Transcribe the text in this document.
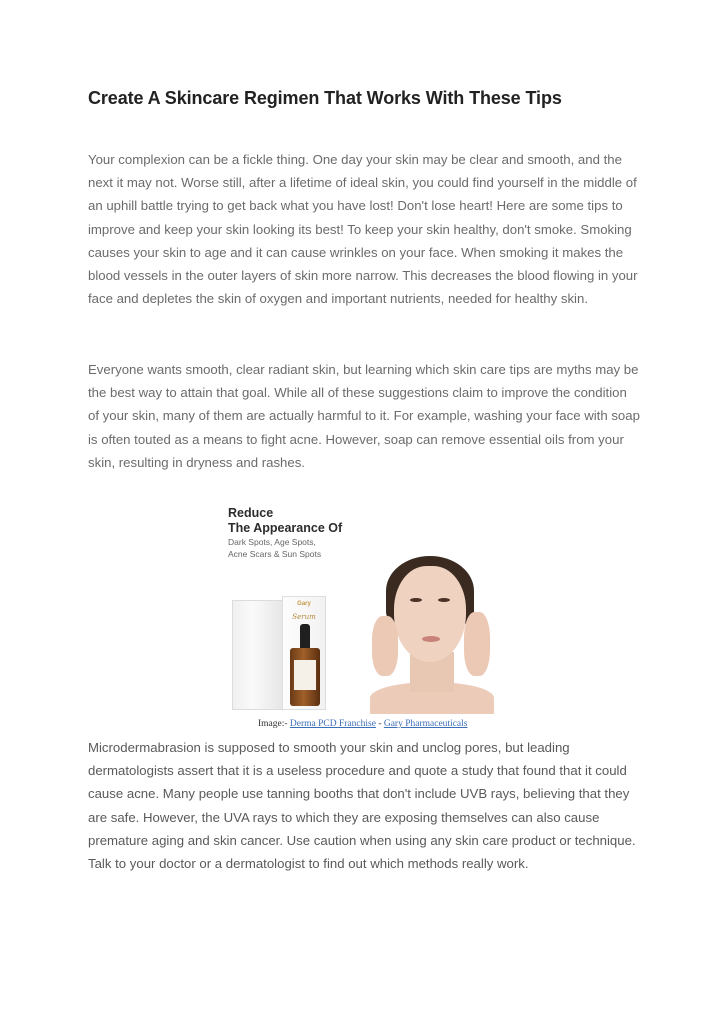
Create A Skincare Regimen That Works With These Tips

Your complexion can be a fickle thing. One day your skin may be clear and smooth, and the next it may not. Worse still, after a lifetime of ideal skin, you could find yourself in the middle of an uphill battle trying to get back what you have lost! Don't lose heart! Here are some tips to improve and keep your skin looking its best! To keep your skin healthy, don't smoke. Smoking causes your skin to age and it can cause wrinkles on your face. When smoking it makes the blood vessels in the outer layers of skin more narrow. This decreases the blood flowing in your face and depletes the skin of oxygen and important nutrients, needed for healthy skin.

Everyone wants smooth, clear radiant skin, but learning which skin care tips are myths may be the best way to attain that goal. While all of these suggestions claim to improve the condition of your skin, many of them are actually harmful to it. For example, washing your face with soap is often touted as a means to fight acne. However, soap can remove essential oils from your skin, resulting in dryness and rashes.

Microdermabrasion is supposed to smooth your skin and unclog pores, but leading dermatologists assert that it is a useless procedure and quote a study that found that it could cause acne. Many people use tanning booths that don't include UVB rays, believing that they are safe. However, the UVA rays to which they are exposing themselves can also cause premature aging and skin cancer. Use caution when using any skin care product or technique. Talk to your doctor or a dermatologist to find out which methods really work.

Reduce
The Appearance Of
Dark Spots, Age Spots,
Acne Scars & Sun Spots
Gary
Serum
Image:- Derma PCD Franchise - Gary Pharmaceuticals
